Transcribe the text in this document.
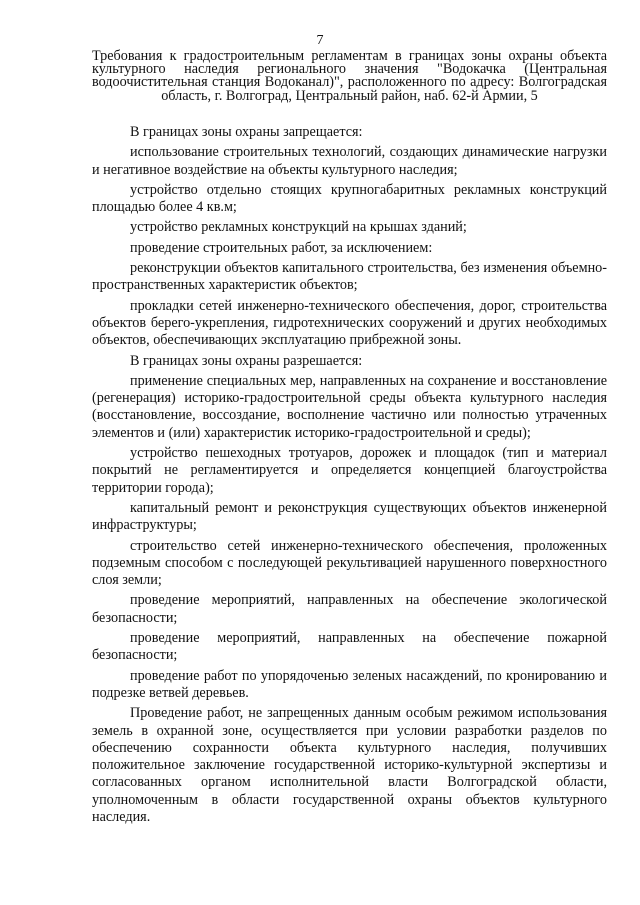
7
Требования к градостроительным регламентам в границах зоны охраны объекта культурного наследия регионального значения "Водокачка (Центральная водоочистительная станция Водоканал)", расположенного по адресу: Волгоградская область, г. Волгоград, Центральный район, наб. 62-й Армии, 5

В границах зоны охраны запрещается:

использование строительных технологий, создающих динамические нагрузки и негативное воздействие на объекты культурного наследия;

устройство отдельно стоящих крупногабаритных рекламных конструкций площадью более 4 кв.м;

устройство рекламных конструкций на крышах зданий;

проведение строительных работ, за исключением:

реконструкции объектов капитального строительства, без изменения объемно-пространственных характеристик объектов;

прокладки сетей инженерно-технического обеспечения, дорог, строительства объектов берего-укрепления, гидротехнических сооружений и других необходимых объектов, обеспечивающих эксплуатацию прибрежной зоны.

В границах зоны охраны разрешается:

применение специальных мер, направленных на сохранение и восстановление (регенерация) историко-градостроительной среды объекта культурного наследия (восстановление, воссоздание, восполнение частично или полностью утраченных элементов и (или) характеристик историко-градостроительной и среды);

устройство пешеходных тротуаров, дорожек и площадок (тип и материал покрытий не регламентируется и определяется концепцией благоустройства территории города);

капитальный ремонт и реконструкция существующих объектов инженерной инфраструктуры;

строительство сетей инженерно-технического обеспечения, проложенных подземным способом с последующей рекультивацией нарушенного поверхностного слоя земли;

проведение мероприятий, направленных на обеспечение экологической безопасности;

проведение мероприятий, направленных на обеспечение пожарной безопасности;

проведение работ по упорядоченью зеленых насаждений, по кронированию и подрезке ветвей деревьев.

Проведение работ, не запрещенных данным особым режимом использования земель в охранной зоне, осуществляется при условии разработки разделов по обеспечению сохранности объекта культурного наследия, получивших положительное заключение государственной историко-культурной экспертизы и согласованных органом исполнительной власти Волгоградской области, уполномоченным в области государственной охраны объектов культурного наследия.
